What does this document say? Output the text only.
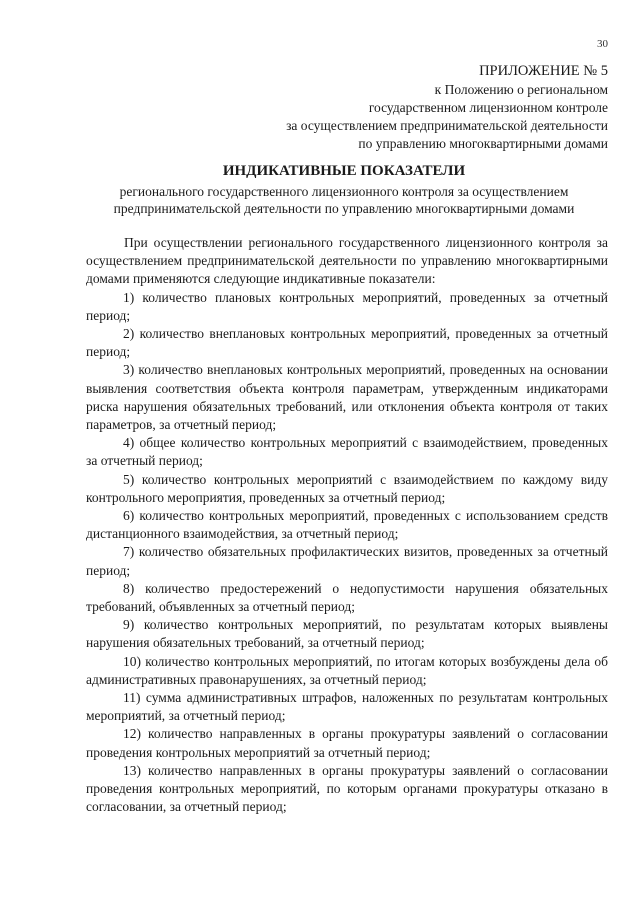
30
ПРИЛОЖЕНИЕ № 5
к Положению о региональном
государственном лицензионном контроле
за осуществлением предпринимательской деятельности
по управлению многоквартирными домами
ИНДИКАТИВНЫЕ ПОКАЗАТЕЛИ
регионального государственного лицензионного контроля за осуществлением
предпринимательской деятельности по управлению многоквартирными домами

При осуществлении регионального государственного лицензионного контроля за осуществлением предпринимательской деятельности по управлению многоквартирными домами применяются следующие индикативные показатели:

1) количество плановых контрольных мероприятий, проведенных за отчетный период;

2) количество внеплановых контрольных мероприятий, проведенных за отчетный период;

3) количество внеплановых контрольных мероприятий, проведенных на основании выявления соответствия объекта контроля параметрам, утвержденным индикаторами риска нарушения обязательных требований, или отклонения объекта контроля от таких параметров, за отчетный период;

4) общее количество контрольных мероприятий с взаимодействием, проведенных за отчетный период;

5) количество контрольных мероприятий с взаимодействием по каждому виду контрольного мероприятия, проведенных за отчетный период;

6) количество контрольных мероприятий, проведенных с использованием средств дистанционного взаимодействия, за отчетный период;

7) количество обязательных профилактических визитов, проведенных за отчетный период;

8) количество предостережений о недопустимости нарушения обязательных требований, объявленных за отчетный период;

9) количество контрольных мероприятий, по результатам которых выявлены нарушения обязательных требований, за отчетный период;

10) количество контрольных мероприятий, по итогам которых возбуждены дела об административных правонарушениях, за отчетный период;

11) сумма административных штрафов, наложенных по результатам контрольных мероприятий, за отчетный период;

12) количество направленных в органы прокуратуры заявлений о согласовании проведения контрольных мероприятий за отчетный период;

13) количество направленных в органы прокуратуры заявлений о согласовании проведения контрольных мероприятий, по которым органами прокуратуры отказано в согласовании, за отчетный период;
